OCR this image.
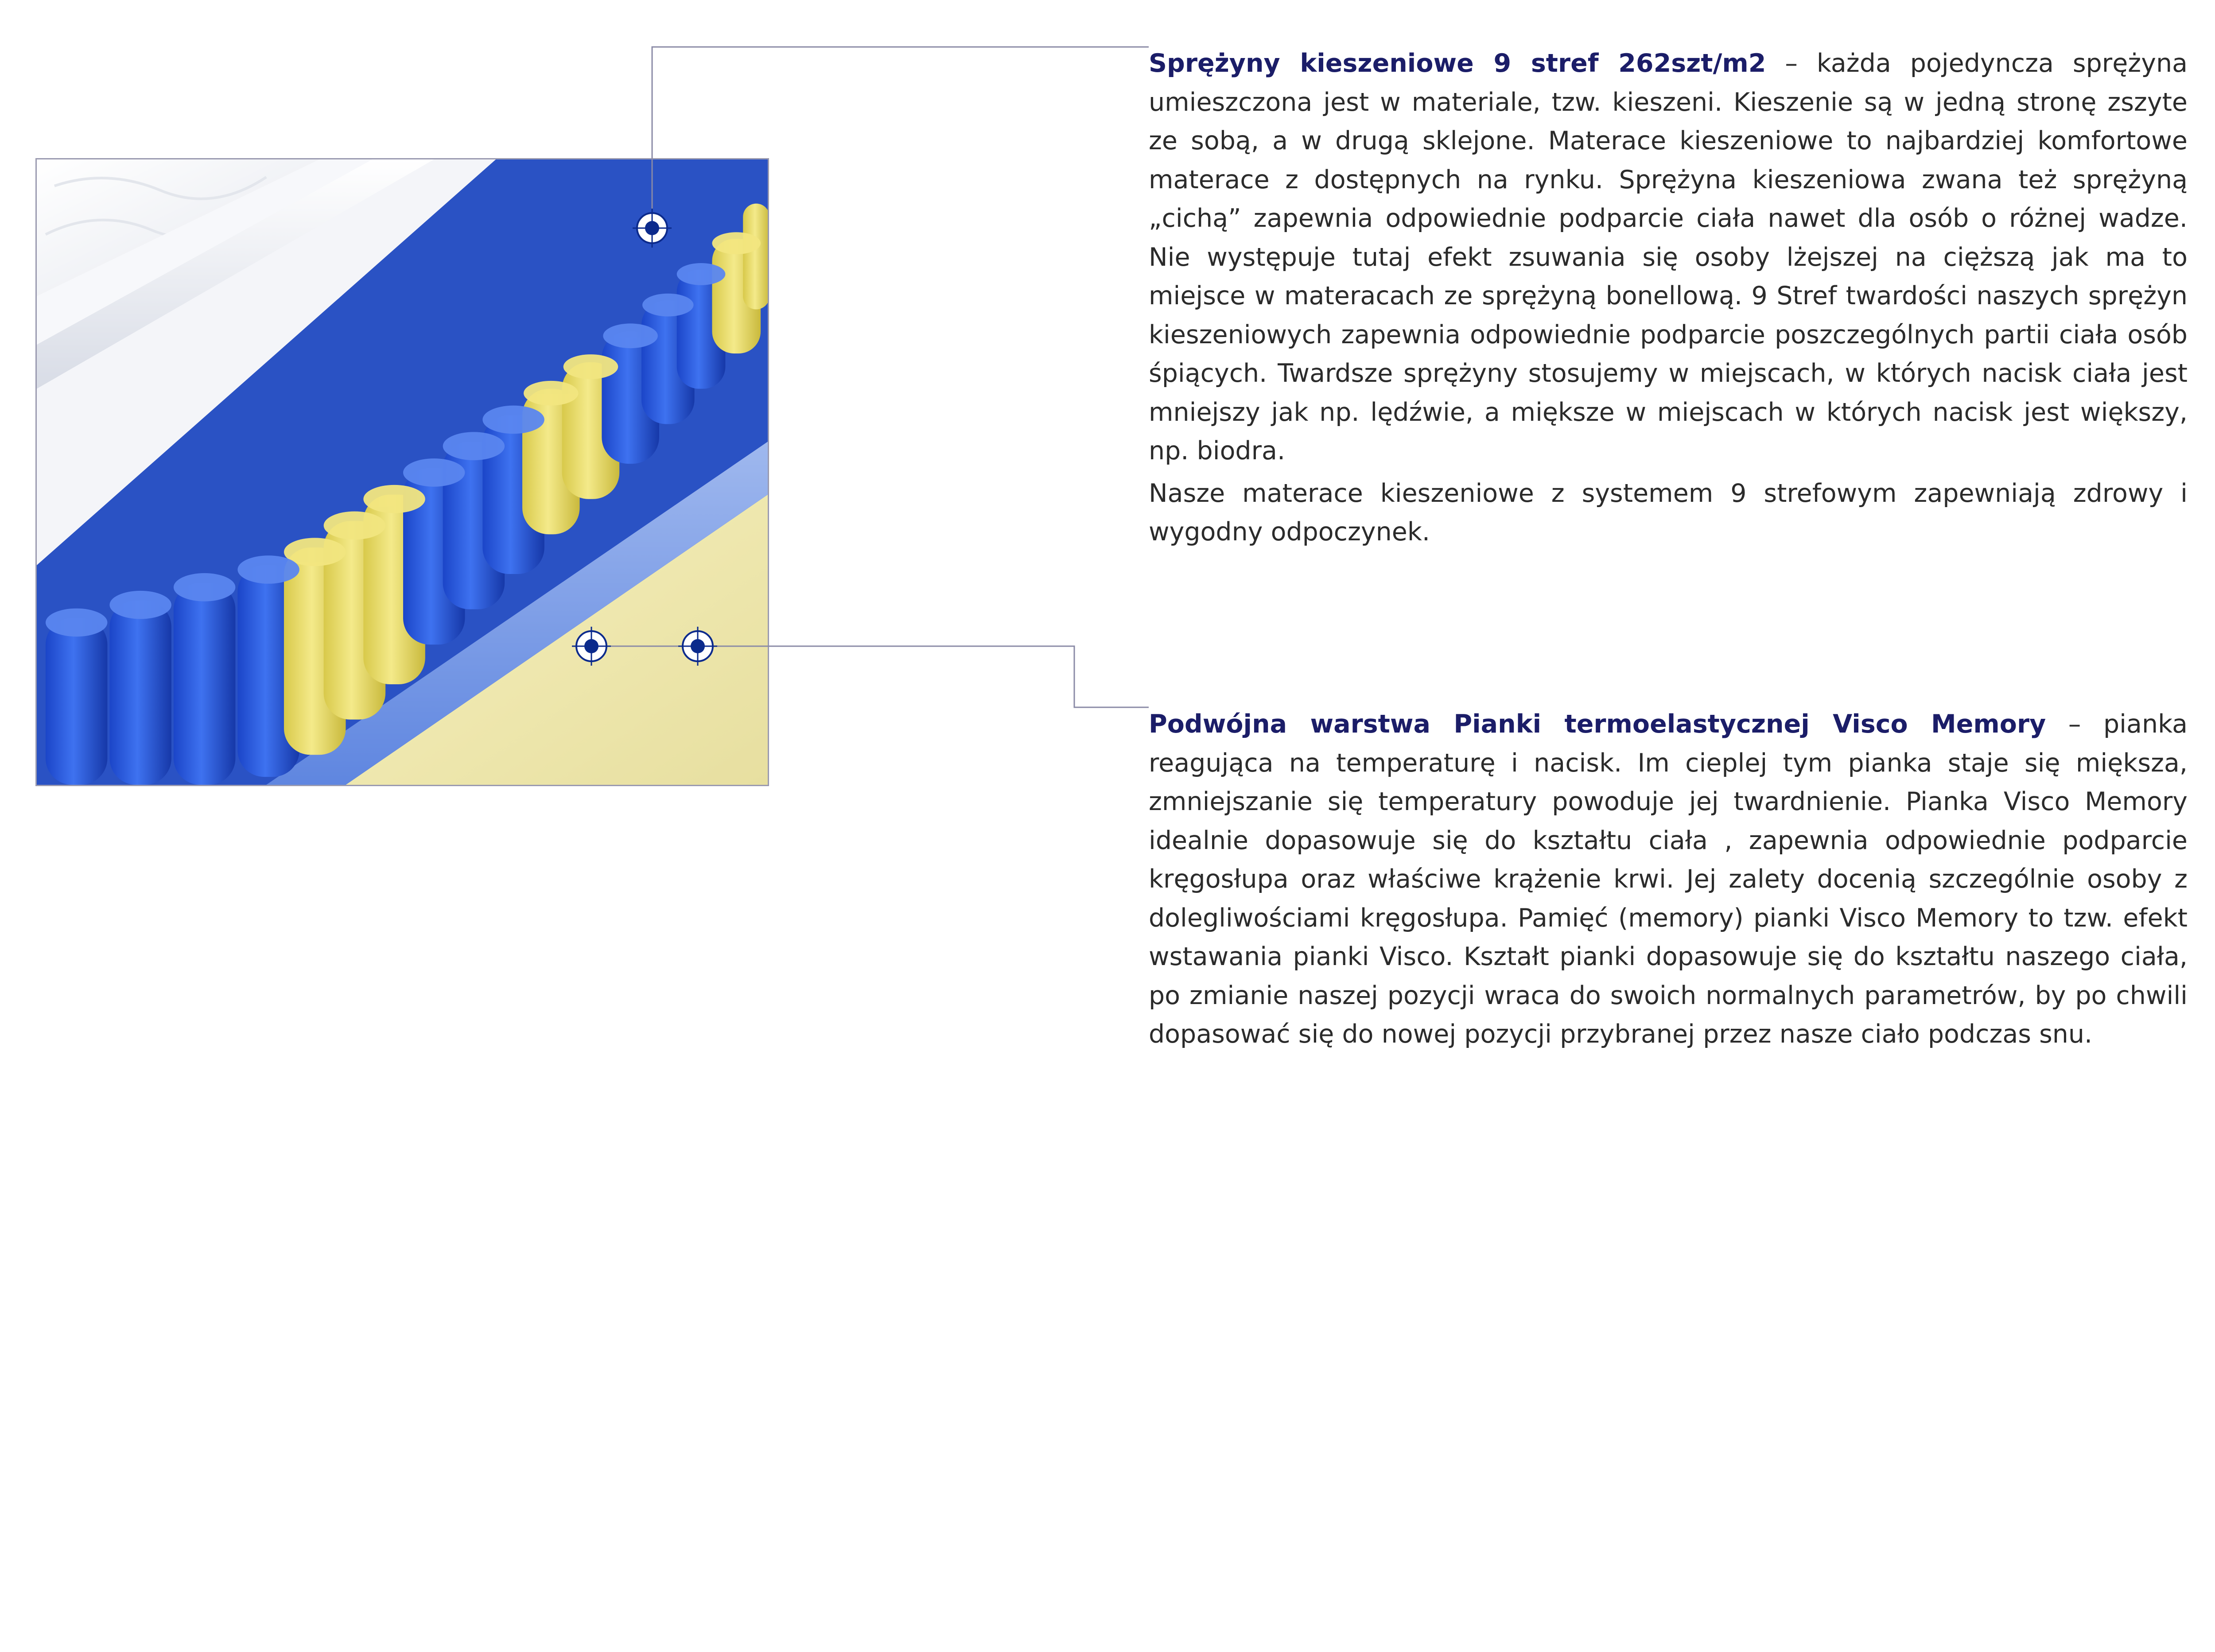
Sprężyny kieszeniowe 9 stref 262szt/m2 – każda pojedyncza sprężyna umieszczona jest w materiale, tzw. kieszeni. Kieszenie są w jedną stronę zszyte ze sobą, a w drugą sklejone. Materace kieszeniowe to najbardziej komfortowe materace z dostępnych na rynku. Sprężyna kieszeniowa zwana też sprężyną „cichą” zapewnia odpowiednie podparcie ciała nawet dla osób o różnej wadze. Nie występuje tutaj efekt zsuwania się osoby lżejszej na cięższą jak ma to miejsce w materacach ze sprężyną bonellową. 9 Stref twardości naszych sprężyn kieszeniowych zapewnia odpowiednie podparcie poszczególnych partii ciała osób śpiących. Twardsze sprężyny stosujemy w miejscach, w których nacisk ciała jest mniejszy jak np. lędźwie, a miększe w miejscach w których nacisk jest większy, np. biodra.

Nasze materace kieszeniowe z systemem 9 strefowym zapewniają zdrowy i wygodny odpoczynek.

Podwójna warstwa Pianki termoelastycznej Visco Memory – pianka reagująca na temperaturę i nacisk. Im cieplej tym pianka staje się miększa, zmniejszanie się temperatury powoduje jej twardnienie. Pianka Visco Memory idealnie dopasowuje się do kształtu ciała , zapewnia odpowiednie podparcie kręgosłupa oraz właściwe krążenie krwi. Jej zalety docenią szczególnie osoby z dolegliwościami kręgosłupa. Pamięć (memory) pianki Visco Memory to tzw. efekt wstawania pianki Visco. Kształt pianki dopasowuje się do kształtu naszego ciała, po zmianie naszej pozycji wraca do swoich normalnych parametrów, by po chwili dopasować się do nowej pozycji przybranej przez nasze ciało podczas snu.
